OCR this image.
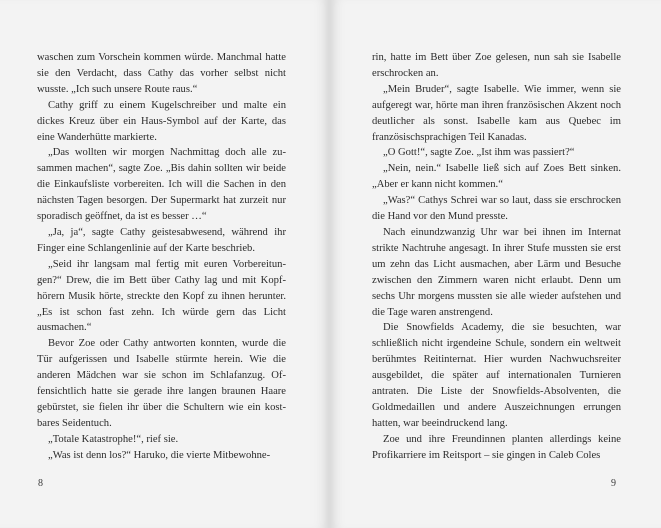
waschen zum Vorschein kommen würde. Manchmal hatte sie den Verdacht, dass Cathy das vorher selbst nicht wusste. „Ich such unsere Route raus.“

Cathy griff zu einem Kugelschreiber und malte ein dickes Kreuz über ein Haus-Symbol auf der Karte, das eine Wanderhütte markierte.

„Das wollten wir morgen Nachmittag doch alle zusammen machen“, sagte Zoe. „Bis dahin sollten wir beide die Einkaufsliste vorbereiten. Ich will die Sachen in den nächsten Tagen besorgen. Der Supermarkt hat zurzeit nur sporadisch geöffnet, da ist es besser …“

„Ja, ja“, sagte Cathy geistesabwesend, während ihr Finger eine Schlangenlinie auf der Karte beschrieb.

„Seid ihr langsam mal fertig mit euren Vorbereitungen?“ Drew, die im Bett über Cathy lag und mit Kopfhörern Musik hörte, streckte den Kopf zu ihnen herunter. „Es ist schon fast zehn. Ich würde gern das Licht ausmachen.“

Bevor Zoe oder Cathy antworten konnten, wurde die Tür aufgerissen und Isabelle stürmte herein. Wie die anderen Mädchen war sie schon im Schlafanzug. Offensichtlich hatte sie gerade ihre langen braunen Haare gebürstet, sie fielen ihr über die Schultern wie ein kostbares Seidentuch.

„Totale Katastrophe!“, rief sie.

„Was ist denn los?“ Haruko, die vierte Mitbewohne-

8

rin, hatte im Bett über Zoe gelesen, nun sah sie Isabelle erschrocken an.

„Mein Bruder“, sagte Isabelle. Wie immer, wenn sie aufgeregt war, hörte man ihren französischen Akzent noch deutlicher als sonst. Isabelle kam aus Quebec im französischsprachigen Teil Kanadas.

„O Gott!“, sagte Zoe. „Ist ihm was passiert?“

„Nein, nein.“ Isabelle ließ sich auf Zoes Bett sinken. „Aber er kann nicht kommen.“

„Was?“ Cathys Schrei war so laut, dass sie erschrocken die Hand vor den Mund presste.

Nach einundzwanzig Uhr war bei ihnen im Internat strikte Nachtruhe angesagt. In ihrer Stufe mussten sie erst um zehn das Licht ausmachen, aber Lärm und Besuche zwischen den Zimmern waren nicht erlaubt. Denn um sechs Uhr morgens mussten sie alle wieder aufstehen und die Tage waren anstrengend.

Die Snowfields Academy, die sie besuchten, war schließlich nicht irgendeine Schule, sondern ein weltweit berühmtes Reitinternat. Hier wurden Nachwuchsreiter ausgebildet, die später auf internationalen Turnieren antraten. Die Liste der Snowfields-Absolventen, die Goldmedaillen und andere Auszeichnungen errungen hatten, war beeindruckend lang.

Zoe und ihre Freundinnen planten allerdings keine Profikarriere im Reitsport – sie gingen in Caleb Coles

9
